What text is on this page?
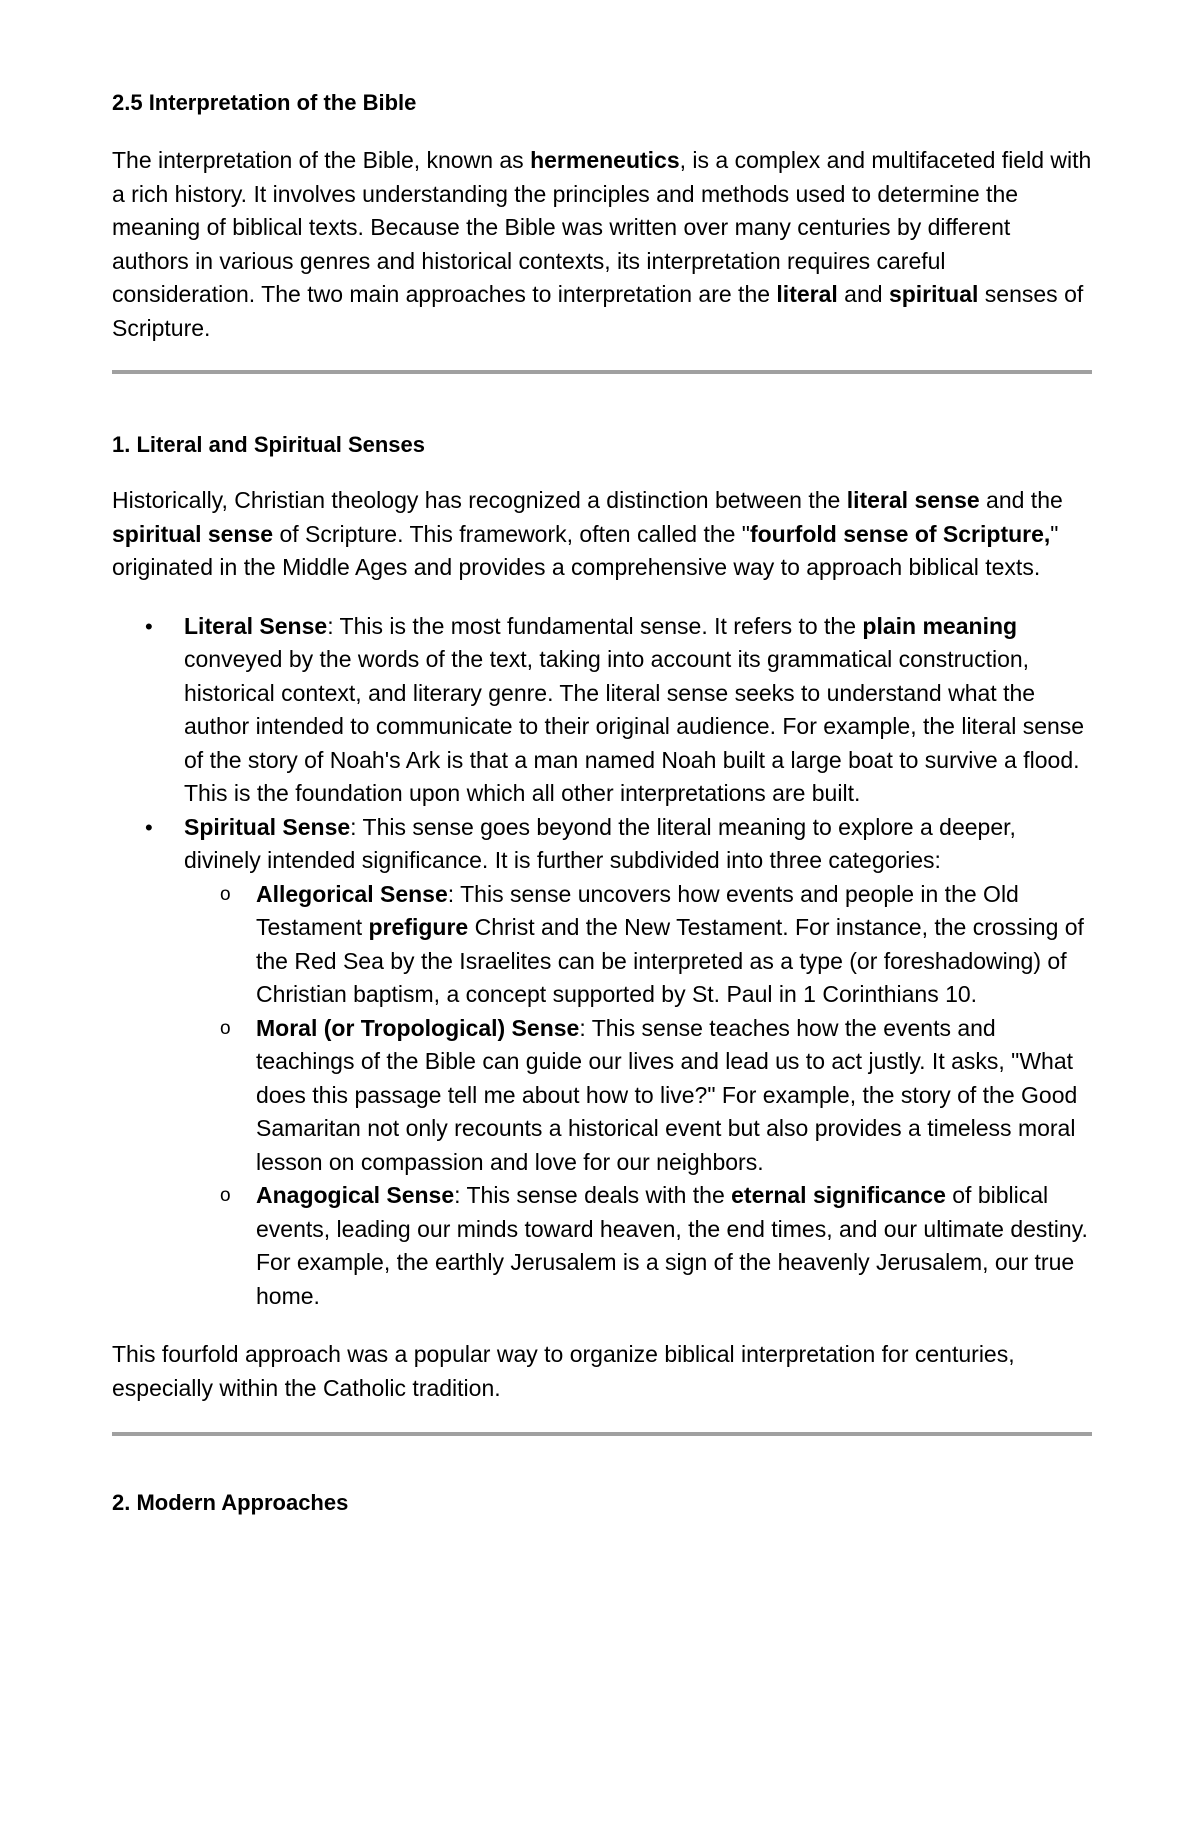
2.5 Interpretation of the Bible

The interpretation of the Bible, known as hermeneutics, is a complex and multifaceted field with a rich history. It involves understanding the principles and methods used to determine the meaning of biblical texts. Because the Bible was written over many centuries by different authors in various genres and historical contexts, its interpretation requires careful consideration. The two main approaches to interpretation are the literal and spiritual senses of Scripture.

1. Literal and Spiritual Senses

Historically, Christian theology has recognized a distinction between the literal sense and the spiritual sense of Scripture. This framework, often called the "fourfold sense of Scripture," originated in the Middle Ages and provides a comprehensive way to approach biblical texts.

•	Literal Sense: This is the most fundamental sense. It refers to the plain meaning conveyed by the words of the text, taking into account its grammatical construction, historical context, and literary genre. The literal sense seeks to understand what the author intended to communicate to their original audience. For example, the literal sense of the story of Noah's Ark is that a man named Noah built a large boat to survive a flood. This is the foundation upon which all other interpretations are built.
•	Spiritual Sense: This sense goes beyond the literal meaning to explore a deeper, divinely intended significance. It is further subdivided into three categories:
o Allegorical Sense: This sense uncovers how events and people in the Old Testament prefigure Christ and the New Testament. For instance, the crossing of the Red Sea by the Israelites can be interpreted as a type (or foreshadowing) of Christian baptism, a concept supported by St. Paul in 1 Corinthians 10.
o Moral (or Tropological) Sense: This sense teaches how the events and teachings of the Bible can guide our lives and lead us to act justly. It asks, "What does this passage tell me about how to live?" For example, the story of the Good Samaritan not only recounts a historical event but also provides a timeless moral lesson on compassion and love for our neighbors.
o Anagogical Sense: This sense deals with the eternal significance of biblical events, leading our minds toward heaven, the end times, and our ultimate destiny. For example, the earthly Jerusalem is a sign of the heavenly Jerusalem, our true home.

This fourfold approach was a popular way to organize biblical interpretation for centuries, especially within the Catholic tradition.

2. Modern Approaches
